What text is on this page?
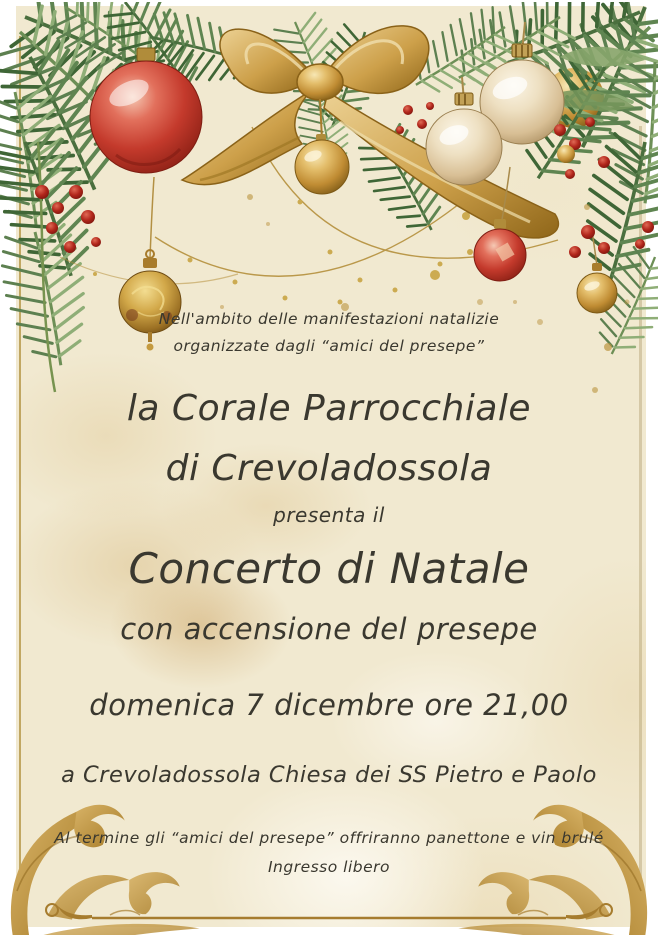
Nell'ambito delle manifestazioni natalizie
organizzate dagli “amici del presepe”
la Corale Parrocchiale
di Crevoladossola
presenta il
Concerto di Natale
con accensione del presepe
domenica 7 dicembre ore 21,00
a Crevoladossola Chiesa dei SS Pietro e Paolo
Al termine gli “amici del presepe” offriranno panettone e vin brulé
Ingresso libero
